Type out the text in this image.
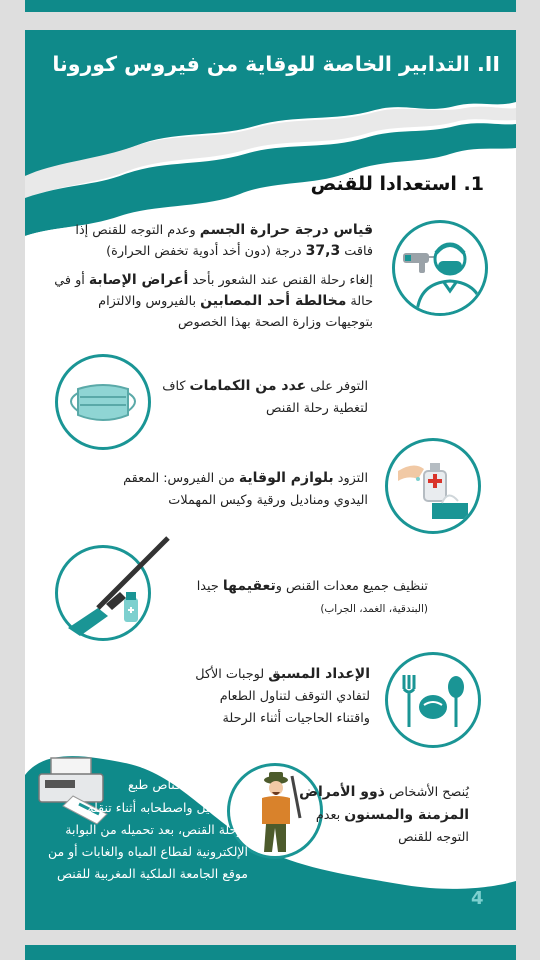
II. التدابير الخاصة للوقاية من فيروس كورونا
1. استعدادا للقنص
قياس درجة حرارة الجسم وعدم التوجه للقنص إذا
فاقت 37,3 درجة (دون أخد أدوية تخفض الحرارة)
إلغاء رحلة القنص عند الشعور بأحد أعراض الإصابة أو في
حالة مخالطة أحد المصابين بالفيروس والالتزام
بتوجيهات وزارة الصحة بهذا الخصوص
التوفر على عدد من الكمامات كاف
لتغطية رحلة القنص
التزود بلوازم الوقاية من الفيروس: المعقم
اليدوي ومناديل ورقية وكيس المهملات
تنظيف جميع معدات القنص وتعقيمها جيدا
(البندقية، الغمد، الجراب)
الإعداد المسبق لوجبات الأكل
لتفادي التوقف لتناول الطعام
واقتناء الحاجيات أثناء الرحلة
يُنصح الأشخاص ذوو الأمراض
المزمنة والمسنون بعدم
التوجه للقنص
على كل
قناص طبع
هذا الدليل واصطحابه أثناء تنقله
لرحلة القنص، بعد تحميله من البوابة
الإلكترونية لقطاع المياه والغابات أو من
موقع الجامعة الملكية المغربية للقنص
4
